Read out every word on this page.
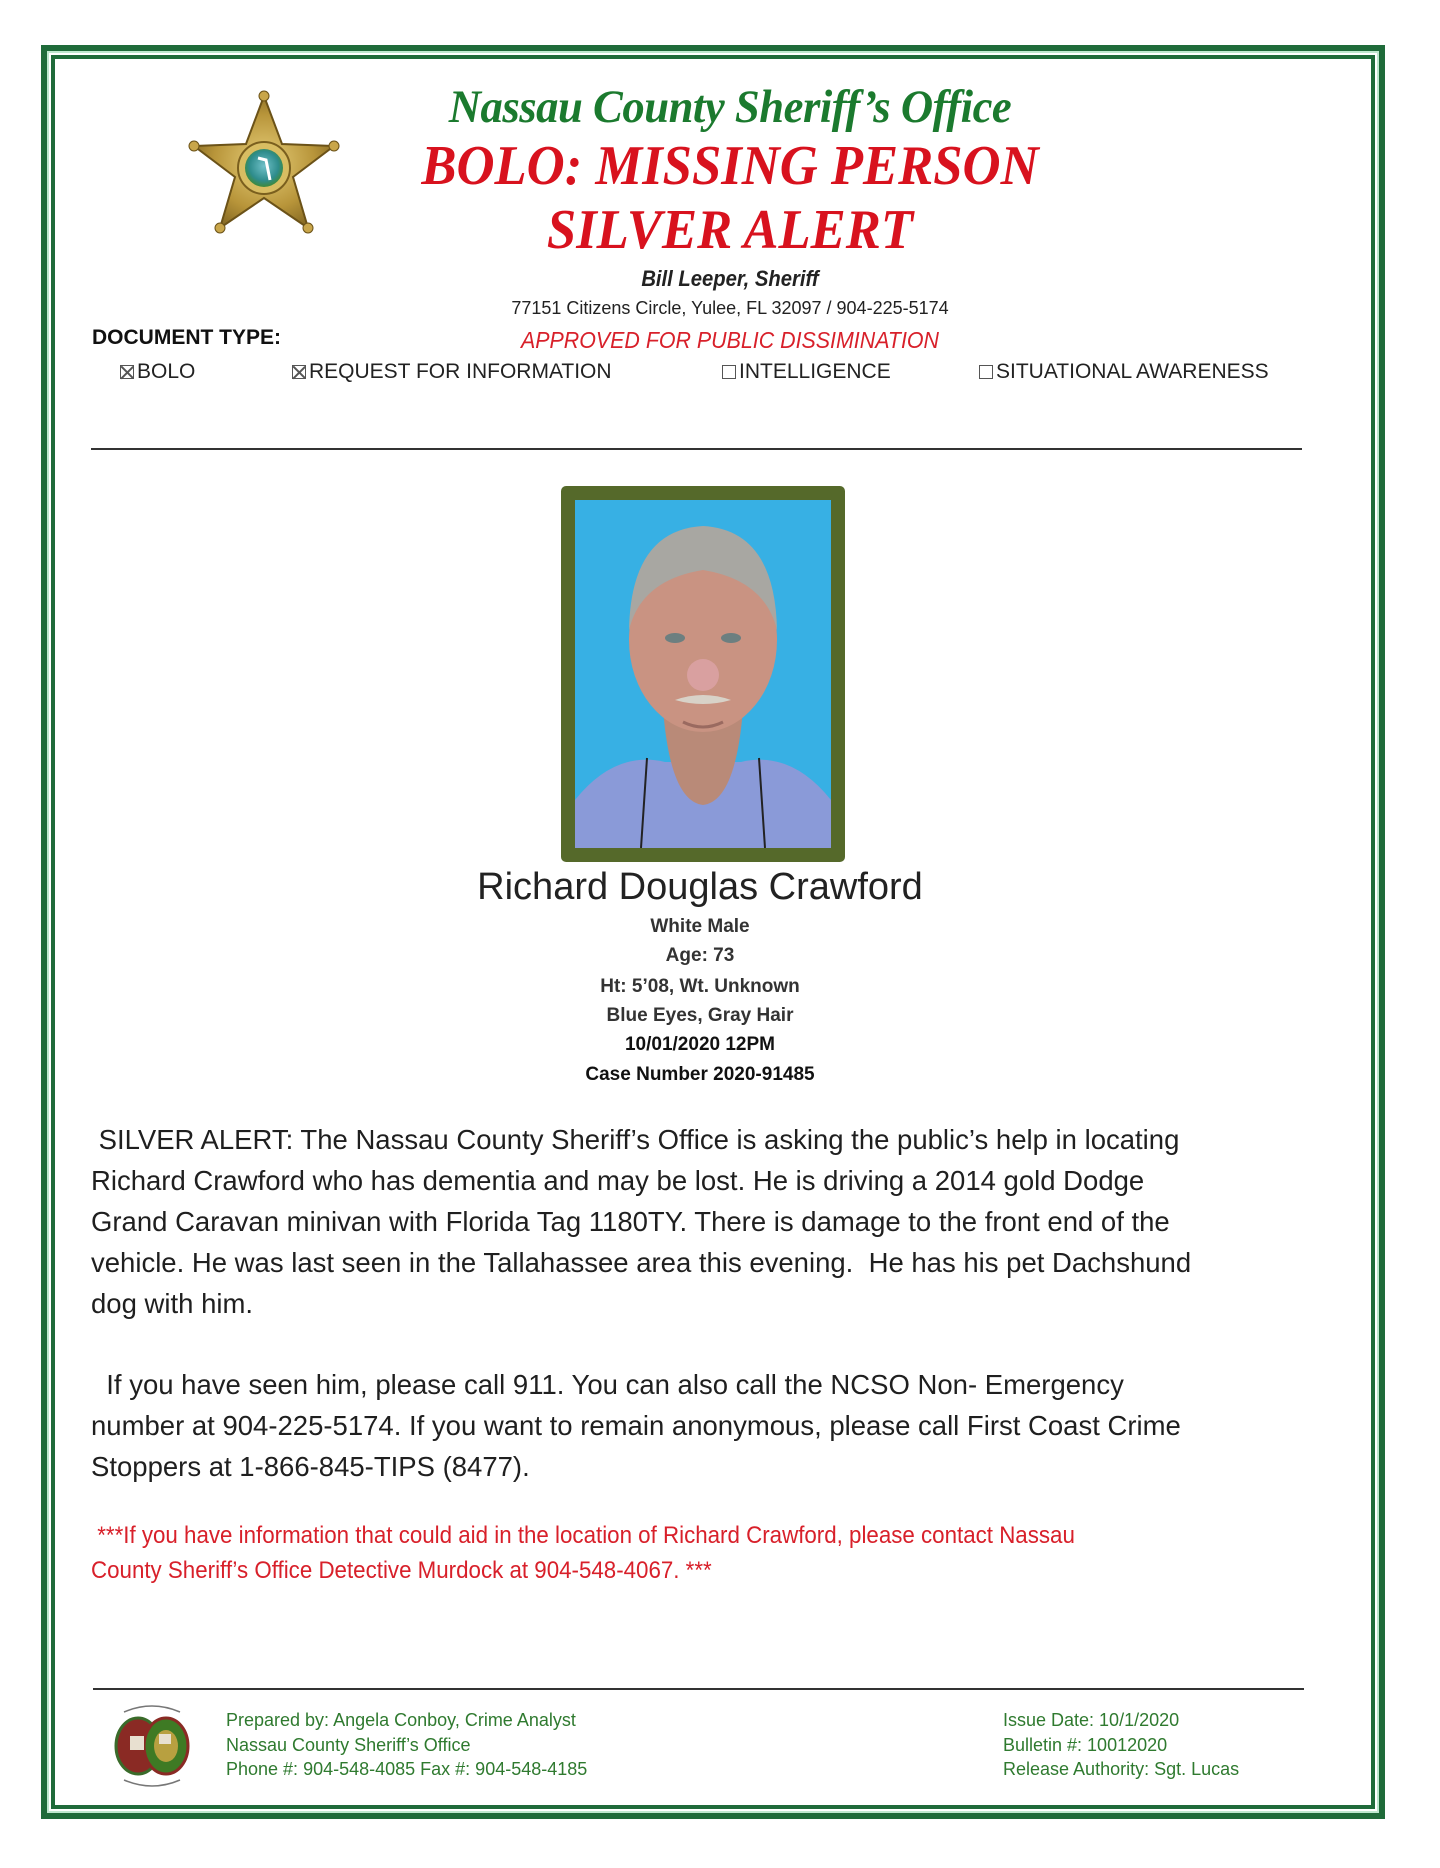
Nassau County Sheriff’s Office
BOLO: MISSING PERSON
SILVER ALERT
Bill Leeper, Sheriff
77151 Citizens Circle, Yulee, FL 32097 / 904-225-5174
APPROVED FOR PUBLIC DISSIMINATION
DOCUMENT TYPE:
BOLO	REQUEST FOR INFORMATION	INTELLIGENCE	SITUATIONAL AWARENESS
Richard Douglas Crawford
White Male
Age: 73
Ht: 5’08, Wt. Unknown
Blue Eyes, Gray Hair
10/01/2020 12PM
Case Number 2020-91485
SILVER ALERT: The Nassau County Sheriff’s Office is asking the public’s help in locating
Richard Crawford who has dementia and may be lost. He is driving a 2014 gold Dodge
Grand Caravan minivan with Florida Tag 1180TY. There is damage to the front end of the
vehicle. He was last seen in the Tallahassee area this evening.  He has his pet Dachshund
dog with him.
If you have seen him, please call 911. You can also call the NCSO Non- Emergency
number at 904-225-5174. If you want to remain anonymous, please call First Coast Crime
Stoppers at 1-866-845-TIPS (8477).
***If you have information that could aid in the location of Richard Crawford, please contact Nassau
County Sheriff’s Office Detective Murdock at 904-548-4067. ***
Prepared by: Angela Conboy, Crime Analyst
Nassau County Sheriff’s Office
Phone #: 904-548-4085 Fax #: 904-548-4185
Issue Date: 10/1/2020
Bulletin #: 10012020
Release Authority: Sgt. Lucas
